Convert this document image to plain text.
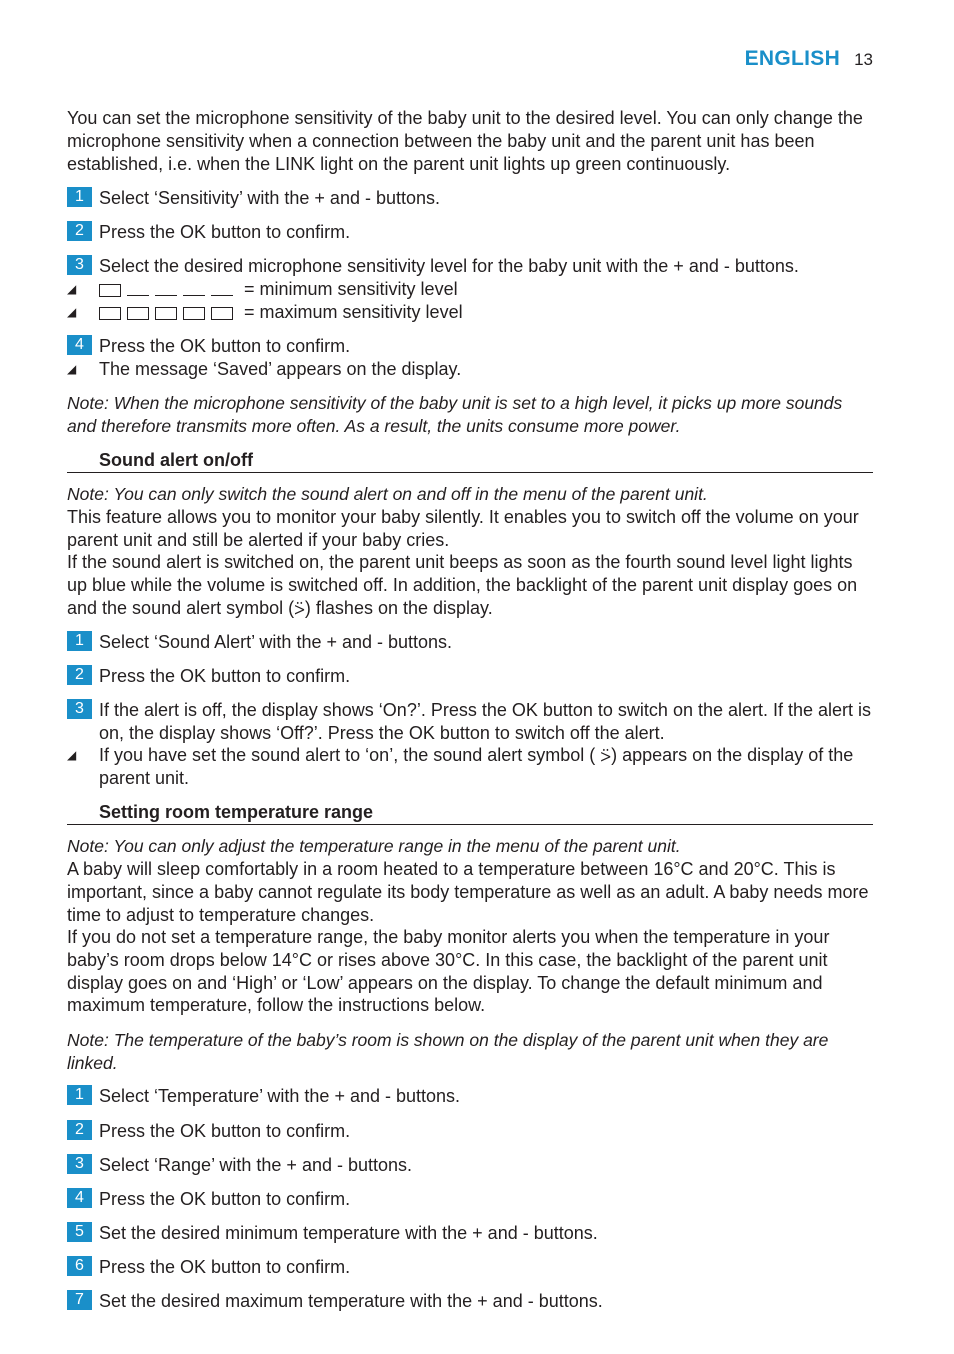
ENGLISH 13
You can set the microphone sensitivity of the baby unit to the desired level. You can only change the microphone sensitivity when a connection between the baby unit and the parent unit has been established, i.e. when the LINK light on the parent unit lights up green continuously.
1 Select ‘Sensitivity’ with the + and - buttons.
2 Press the OK button to confirm.
3 Select the desired microphone sensitivity level for the baby unit with the + and - buttons.
◢	= minimum sensitivity level
◢	= maximum sensitivity level
4 Press the OK button to confirm.
◢	The message ‘Saved’ appears on the display.
Note: When the microphone sensitivity of the baby unit is set to a high level, it picks up more sounds and therefore transmits more often. As a result, the units consume more power.
Sound alert on/off
Note: You can only switch the sound alert on and off in the menu of the parent unit.
This feature allows you to monitor your baby silently. It enables you to switch off the volume on your parent unit and still be alerted if your baby cries.
If the sound alert is switched on, the parent unit beeps as soon as the fourth sound level light lights up blue while the volume is switched off. In addition, the backlight of the parent unit display goes on and the sound alert symbol (⍩) flashes on the display.
1 Select ‘Sound Alert’ with the + and - buttons.
2 Press the OK button to confirm.
3 If the alert is off, the display shows ‘On?’. Press the OK button to switch on the alert. If the alert is on, the display shows ‘Off?’. Press the OK button to switch off the alert.
◢	If you have set the sound alert to ‘on’, the sound alert symbol ( ⍩) appears on the display of the parent unit.
Setting room temperature range
Note: You can only adjust the temperature range in the menu of the parent unit.
A baby will sleep comfortably in a room heated to a temperature between 16°C and 20°C. This is important, since a baby cannot regulate its body temperature as well as an adult. A baby needs more time to adjust to temperature changes.
If you do not set a temperature range, the baby monitor alerts you when the temperature in your baby’s room drops below 14°C or rises above 30°C. In this case, the backlight of the parent unit display goes on and ‘High’ or ‘Low’ appears on the display. To change the default minimum and maximum temperature, follow the instructions below.
Note: The temperature of the baby’s room is shown on the display of the parent unit when they are linked.
1 Select ‘Temperature’ with the + and - buttons.
2 Press the OK button to confirm.
3 Select ‘Range’ with the + and - buttons.
4 Press the OK button to confirm.
5 Set the desired minimum temperature with the + and - buttons.
6 Press the OK button to confirm.
7 Set the desired maximum temperature with the + and - buttons.
